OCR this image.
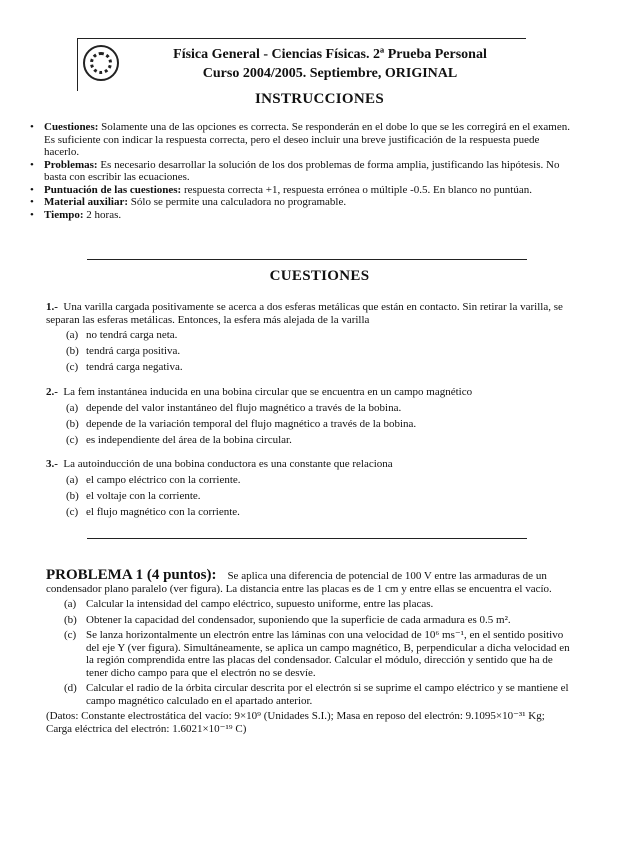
Física General - Ciencias Físicas. 2ª Prueba Personal
Curso 2004/2005. Septiembre, ORIGINAL
INSTRUCCIONES
• Cuestiones: Solamente una de las opciones es correcta. Se responderán en el dobe lo que se les corregirá en el examen. Es suficiente con indicar la respuesta correcta, pero el deseo incluir una breve justificación de la respuesta puede hacerlo.
• Problemas: Es necesario desarrollar la solución de los dos problemas de forma amplia, justificando las hipótesis. No basta con escribir las ecuaciones.
• Puntuación de las cuestiones: respuesta correcta +1, respuesta errónea o múltiple -0.5. En blanco no puntúan.
• Material auxiliar: Sólo se permite una calculadora no programable.
• Tiempo: 2 horas.
CUESTIONES
1.- Una varilla cargada positivamente se acerca a dos esferas metálicas que están en contacto. Sin retirar la varilla, se separan las esferas metálicas. Entonces, la esfera más alejada de la varilla
(a) no tendrá carga neta.
(b) tendrá carga positiva.
(c) tendrá carga negativa.
2.- La fem instantánea inducida en una bobina circular que se encuentra en un campo magnético
(a) depende del valor instantáneo del flujo magnético a través de la bobina.
(b) depende de la variación temporal del flujo magnético a través de la bobina.
(c) es independiente del área de la bobina circular.
3.- La autoinducción de una bobina conductora es una constante que relaciona
(a) el campo eléctrico con la corriente.
(b) el voltaje con la corriente.
(c) el flujo magnético con la corriente.
PROBLEMA 1 (4 puntos): Se aplica una diferencia de potencial de 100 V entre las armaduras de un condensador plano paralelo (ver figura). La distancia entre las placas es de 1 cm y entre ellas se encuentra el vacío.
(a) Calcular la intensidad del campo eléctrico, supuesto uniforme, entre las placas.
(b) Obtener la capacidad del condensador, suponiendo que la superficie de cada armadura es 0.5 m².
(c) Se lanza horizontalmente un electrón entre las láminas con una velocidad de 10⁶ ms⁻¹, en el sentido positivo del eje Y (ver figura). Simultáneamente, se aplica un campo magnético, B, perpendicular a dicha velocidad en la región comprendida entre las placas del condensador. Calcular el módulo, dirección y sentido que ha de tener dicho campo para que el electrón no se desvíe.
(d) Calcular el radio de la órbita circular descrita por el electrón si se suprime el campo eléctrico y se mantiene el campo magnético calculado en el apartado anterior.
(Datos: Constante electrostática del vacío: 9×10⁹ (Unidades S.I.); Masa en reposo del electrón: 9.1095×10⁻³¹ Kg; Carga eléctrica del electrón: 1.6021×10⁻¹⁹ C)
